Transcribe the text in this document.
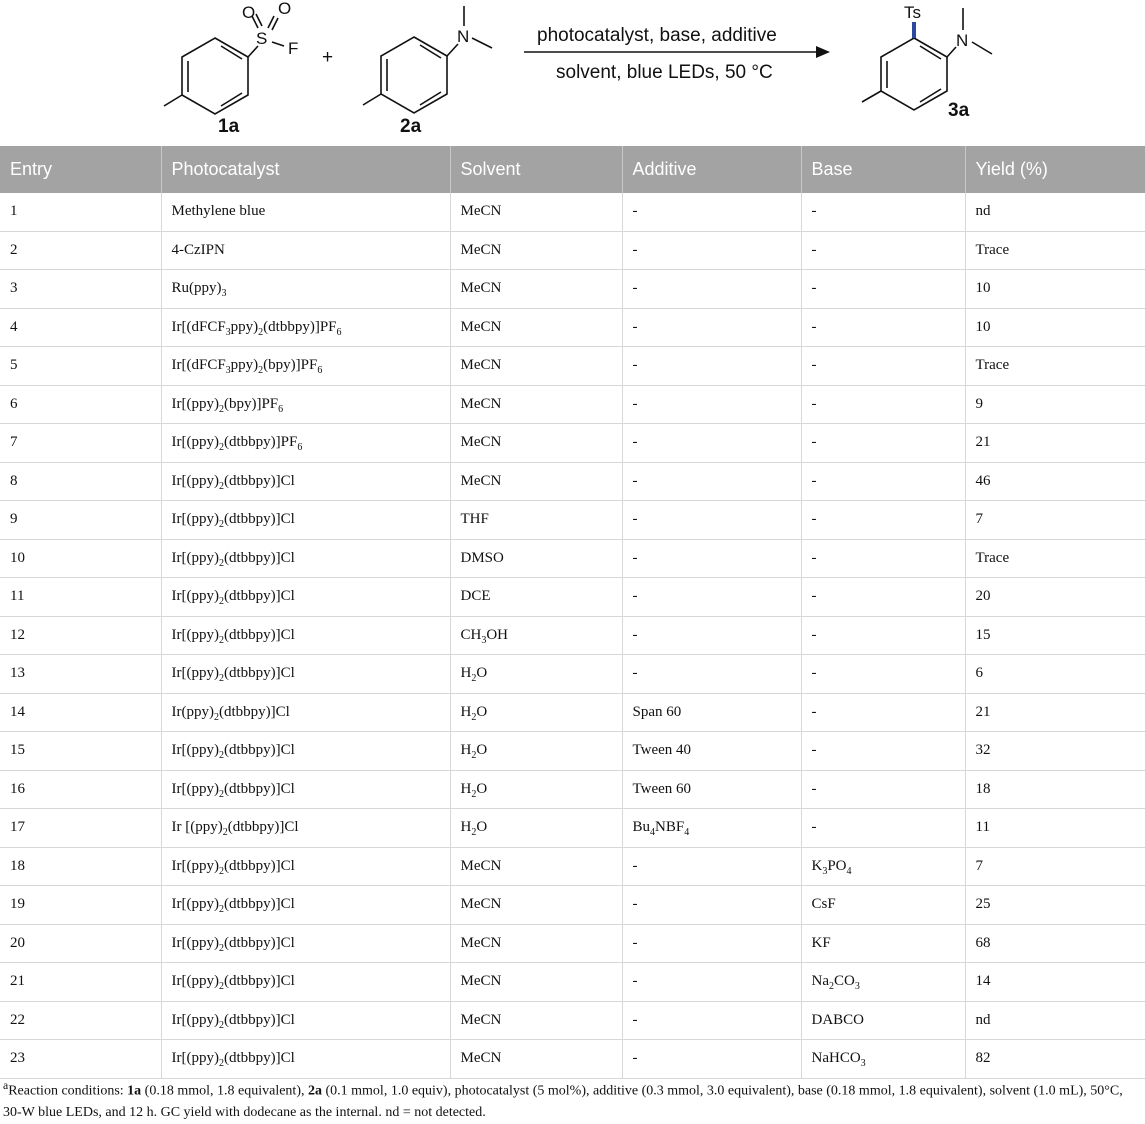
S
O O
F
1a
+
N
2a
photocatalyst, base, additive
solvent, blue LEDs, 50 °C
Ts
N
3a
Entry	Photocatalyst	Solvent	Additive	Base	Yield (%)
1	Methylene blue	MeCN	-	-	nd
2	4-CzIPN	MeCN	-	-	Trace
3	$Ru(ppy)_3$	MeCN	-	-	10
4	$Ir[(dFCF_3ppy)_2(dtbbpy)]PF_6$	MeCN	-	-	10
5	$Ir[(dFCF_3ppy)_2(bpy)]PF_6$	MeCN	-	-	Trace
6	$Ir[(ppy)_2(bpy)]PF_6$	MeCN	-	-	9
7	$Ir[(ppy)_2(dtbbpy)]PF_6$	MeCN	-	-	21
8	$Ir[(ppy)_2(dtbbpy)]Cl$	MeCN	-	-	46
9	$Ir[(ppy)_2(dtbbpy)]Cl$	THF	-	-	7
10	$Ir[(ppy)_2(dtbbpy)]Cl$	DMSO	-	-	Trace
11	$Ir[(ppy)_2(dtbbpy)]Cl$	DCE	-	-	20
12	$Ir[(ppy)_2(dtbbpy)]Cl$	$CH_3OH$	-	-	15
13	$Ir[(ppy)_2(dtbbpy)]Cl$	$H_2O$	-	-	6
14	$Ir(ppy)_2(dtbbpy)]Cl$	$H_2O$	Span 60	-	21
15	$Ir[(ppy)_2(dtbbpy)]Cl$	$H_2O$	Tween 40	-	32
16	$Ir[(ppy)_2(dtbbpy)]Cl$	$H_2O$	Tween 60	-	18
17	Ir $[(ppy)_2(dtbbpy)]Cl$	$H_2O$	$Bu_4NBF_4$	-	11
18	$Ir[(ppy)_2(dtbbpy)]Cl$	MeCN	-	$K_3PO_4$	7
19	$Ir[(ppy)_2(dtbbpy)]Cl$	MeCN	-	CsF	25
20	$Ir[(ppy)_2(dtbbpy)]Cl$	MeCN	-	KF	68
21	$Ir[(ppy)_2(dtbbpy)]Cl$	MeCN	-	$Na_2CO_3$	14
22	$Ir[(ppy)_2(dtbbpy)]Cl$	MeCN	-	DABCO	nd
23	$Ir[(ppy)_2(dtbbpy)]Cl$	MeCN	-	NaHCO$_3$	82
$^a$Reaction conditions: 1a (0.18 mmol, 1.8 equivalent), 2a (0.1 mmol, 1.0 equiv), photocatalyst (5 mol%), additive (0.3 mmol, 3.0 equivalent), base (0.18 mmol, 1.8 equivalent), solvent (1.0 mL), 50°C, 30-W blue LEDs, and 12 h. GC yield with dodecane as the internal. nd = not detected.
